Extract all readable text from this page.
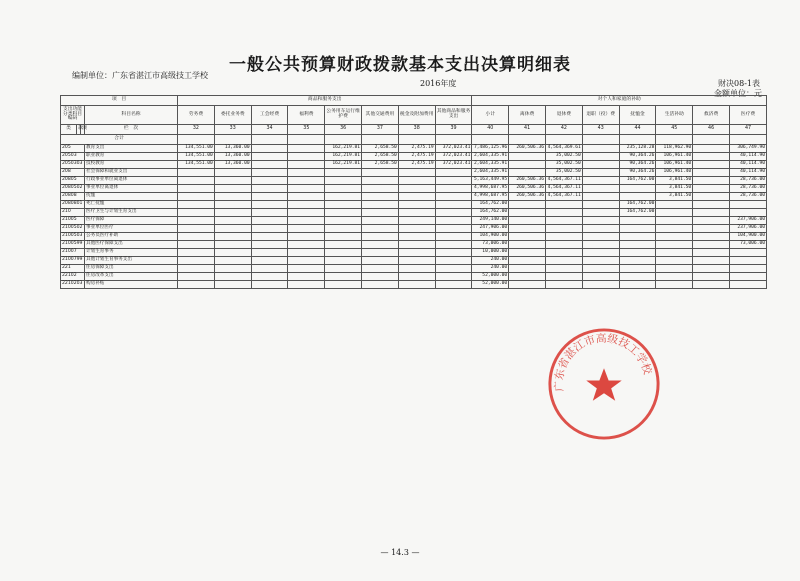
一般公共预算财政拨款基本支出决算明细表
编制单位：广东省湛江市高级技工学校
2016年度	财决08-1表
金额单位：元
项　目				商品和服务支出								对个人和家庭的补助							
支出功能分类科目编码			科目名称	劳务费	委托业务费	工会经费	福利费	公务用车运行维护费	其他交通费用	税金及附加费用	其他商品和服务支出	小计	离休费	退休费	退职（役）费	抚恤金	生活补助	救济费	医疗费
类	款	项	栏　次	32	33	34	35	36	37	38	39	40	41	42	43	44	45	46	47
合计																			
205			教育支出	134,551.00	13,360.00			162,219.81	2,658.50	2,475.19	372,023.41	7,486,125.96	260,506.36	4,564,369.61		235,128.28	118,962.90		306,749.90
20503			职业教育	134,551.00	13,360.00			162,219.81	2,658.50	2,475.19	372,023.41	2,604,335.91		35,002.50		90,364.26	106,961.40		40,114.90
2050303			技校教育	134,551.00	13,360.00			162,219.81	2,658.50	2,475.19	372,023.41	2,604,335.91		35,002.50		90,364.26	106,961.40		40,114.90
208			社会保障和就业支出									2,604,335.91		35,002.50		90,364.26	106,961.40		40,114.90
20805			行政事业单位离退休									5,163,449.95	260,506.36	4,564,367.11		164,762.00	3,841.50		28,736.00
2080502			事业单位离退休									4,998,687.95	260,506.36	4,564,367.11			3,841.50		28,736.00
20808			抚恤									4,998,687.95	260,506.36	4,564,367.11			3,841.50		28,736.00
2080801			死亡抚恤									164,762.00				164,762.00			
210			医疗卫生与计划生育支出									164,762.00				164,762.00			
21005			医疗保障									249,140.00							237,906.00
2100502			事业单位医疗									247,906.00							237,906.00
2100503			公务员医疗补助									104,900.00							104,900.00
2100599			其他医疗保障支出									73,006.00							73,006.00
21007			计划生育事务									10,000.00							
2100799			其他计划生育事务支出									240.00							
221			住房保障支出									240.00							
22102			住房改革支出									52,000.00							
2210203			购房补贴									52,000.00							
广东省湛江市高级技工学校
— 14.3 —
